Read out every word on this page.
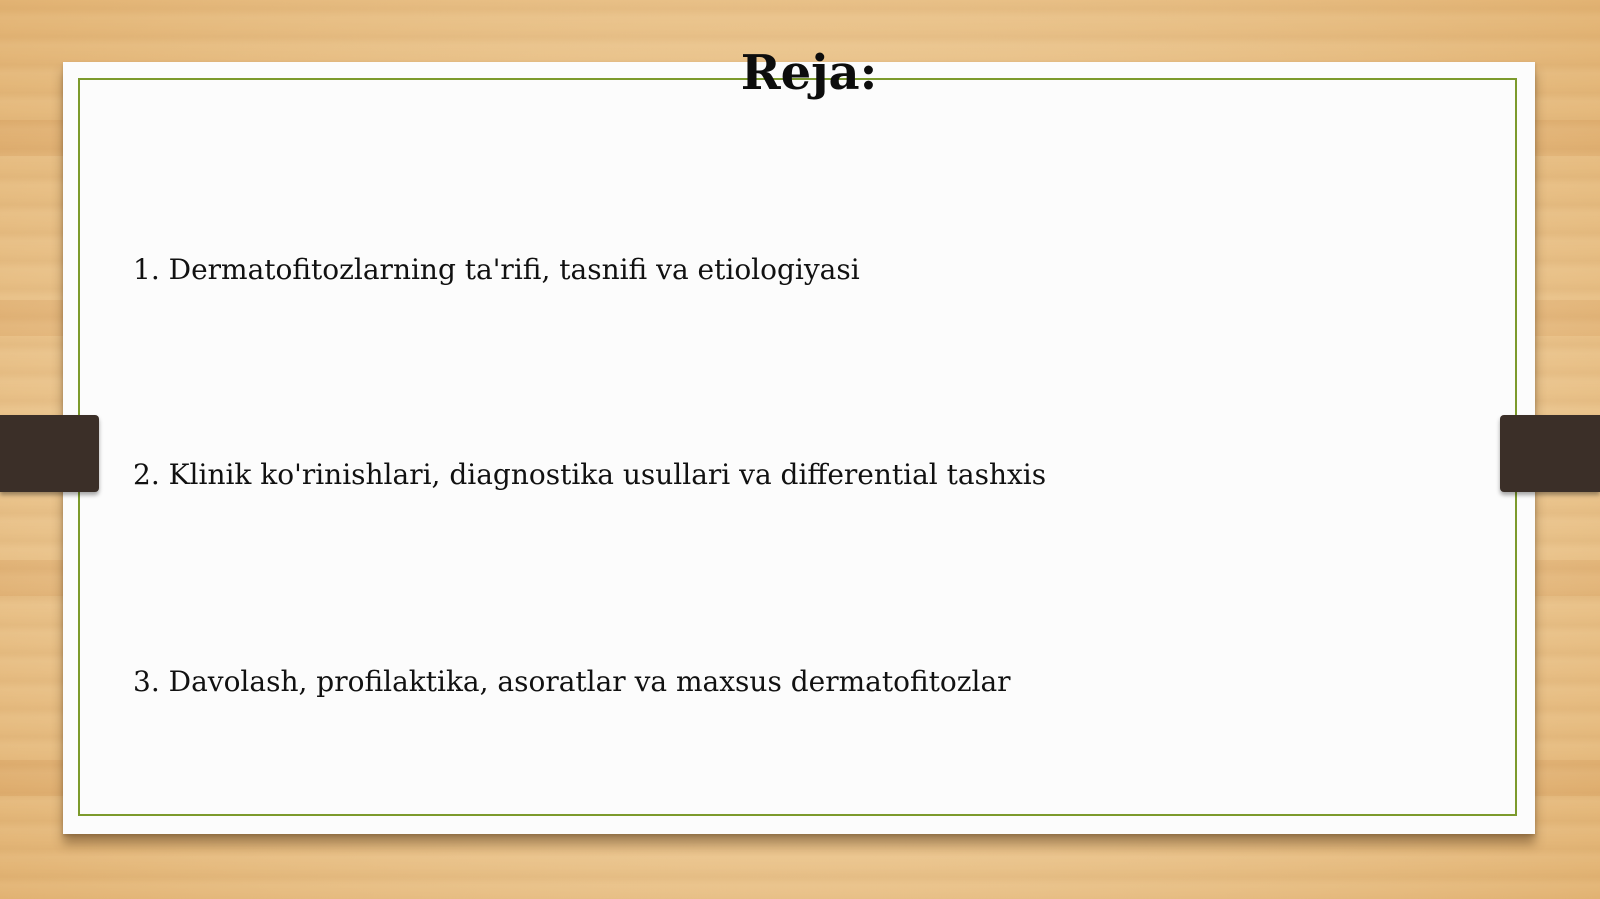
Reja:
1. Dermatofitozlarning ta'rifi, tasnifi va etiologiyasi
2. Klinik ko'rinishlari, diagnostika usullari va differential tashxis
3. Davolash, profilaktika, asoratlar va maxsus dermatofitozlar
